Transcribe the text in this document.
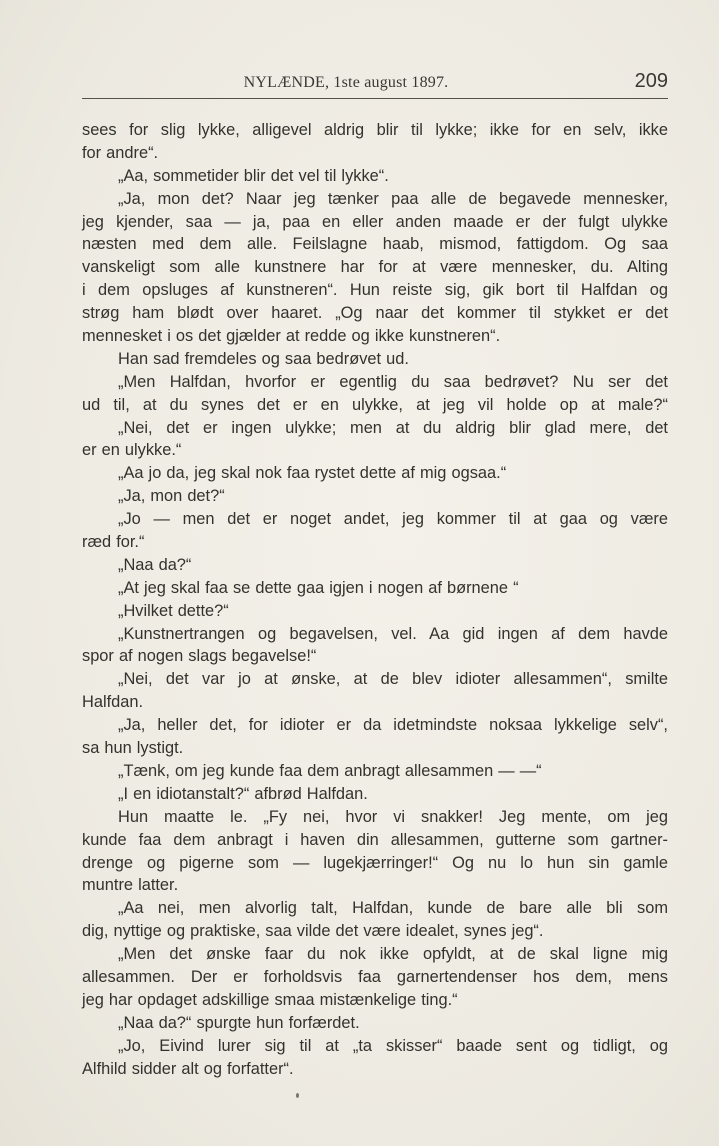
NYLÆNDE, 1ste august 1897.	209
sees for slig lykke, alligevel aldrig blir til lykke; ikke for en selv, ikke
for andre“.
„Aa, sommetider blir det vel til lykke“.
„Ja, mon det? Naar jeg tænker paa alle de begavede mennesker,
jeg kjender, saa — ja, paa en eller anden maade er der fulgt ulykke
næsten med dem alle. Feilslagne haab, mismod, fattigdom. Og saa
vanskeligt som alle kunstnere har for at være mennesker, du. Alting
i dem opsluges af kunstneren“. Hun reiste sig, gik bort til Halfdan og
strøg ham blødt over haaret. „Og naar det kommer til stykket er det
mennesket i os det gjælder at redde og ikke kunstneren“.
Han sad fremdeles og saa bedrøvet ud.
„Men Halfdan, hvorfor er egentlig du saa bedrøvet? Nu ser det
ud til, at du synes det er en ulykke, at jeg vil holde op at male?“
„Nei, det er ingen ulykke; men at du aldrig blir glad mere, det
er en ulykke.“
„Aa jo da, jeg skal nok faa rystet dette af mig ogsaa.“
„Ja, mon det?“
„Jo — men det er noget andet, jeg kommer til at gaa og være
ræd for.“
„Naa da?“
„At jeg skal faa se dette gaa igjen i nogen af børnene “
„Hvilket dette?“
„Kunstnertrangen og begavelsen, vel. Aa gid ingen af dem havde
spor af nogen slags begavelse!“
„Nei, det var jo at ønske, at de blev idioter allesammen“, smilte
Halfdan.
„Ja, heller det, for idioter er da idetmindste noksaa lykkelige selv“,
sa hun lystigt.
„Tænk, om jeg kunde faa dem anbragt allesammen — —“
„I en idiotanstalt?“ afbrød Halfdan.
Hun maatte le. „Fy nei, hvor vi snakker! Jeg mente, om jeg
kunde faa dem anbragt i haven din allesammen, gutterne som gartner-
drenge og pigerne som — lugekjærringer!“ Og nu lo hun sin gamle
muntre latter.
„Aa nei, men alvorlig talt, Halfdan, kunde de bare alle bli som
dig, nyttige og praktiske, saa vilde det være idealet, synes jeg“.
„Men det ønske faar du nok ikke opfyldt, at de skal ligne mig
allesammen. Der er forholdsvis faa garnertendenser hos dem, mens
jeg har opdaget adskillige smaa mistænkelige ting.“
„Naa da?“ spurgte hun forfærdet.
„Jo, Eivind lurer sig til at „ta skisser“ baade sent og tidligt, og
Alfhild sidder alt og forfatter“.
